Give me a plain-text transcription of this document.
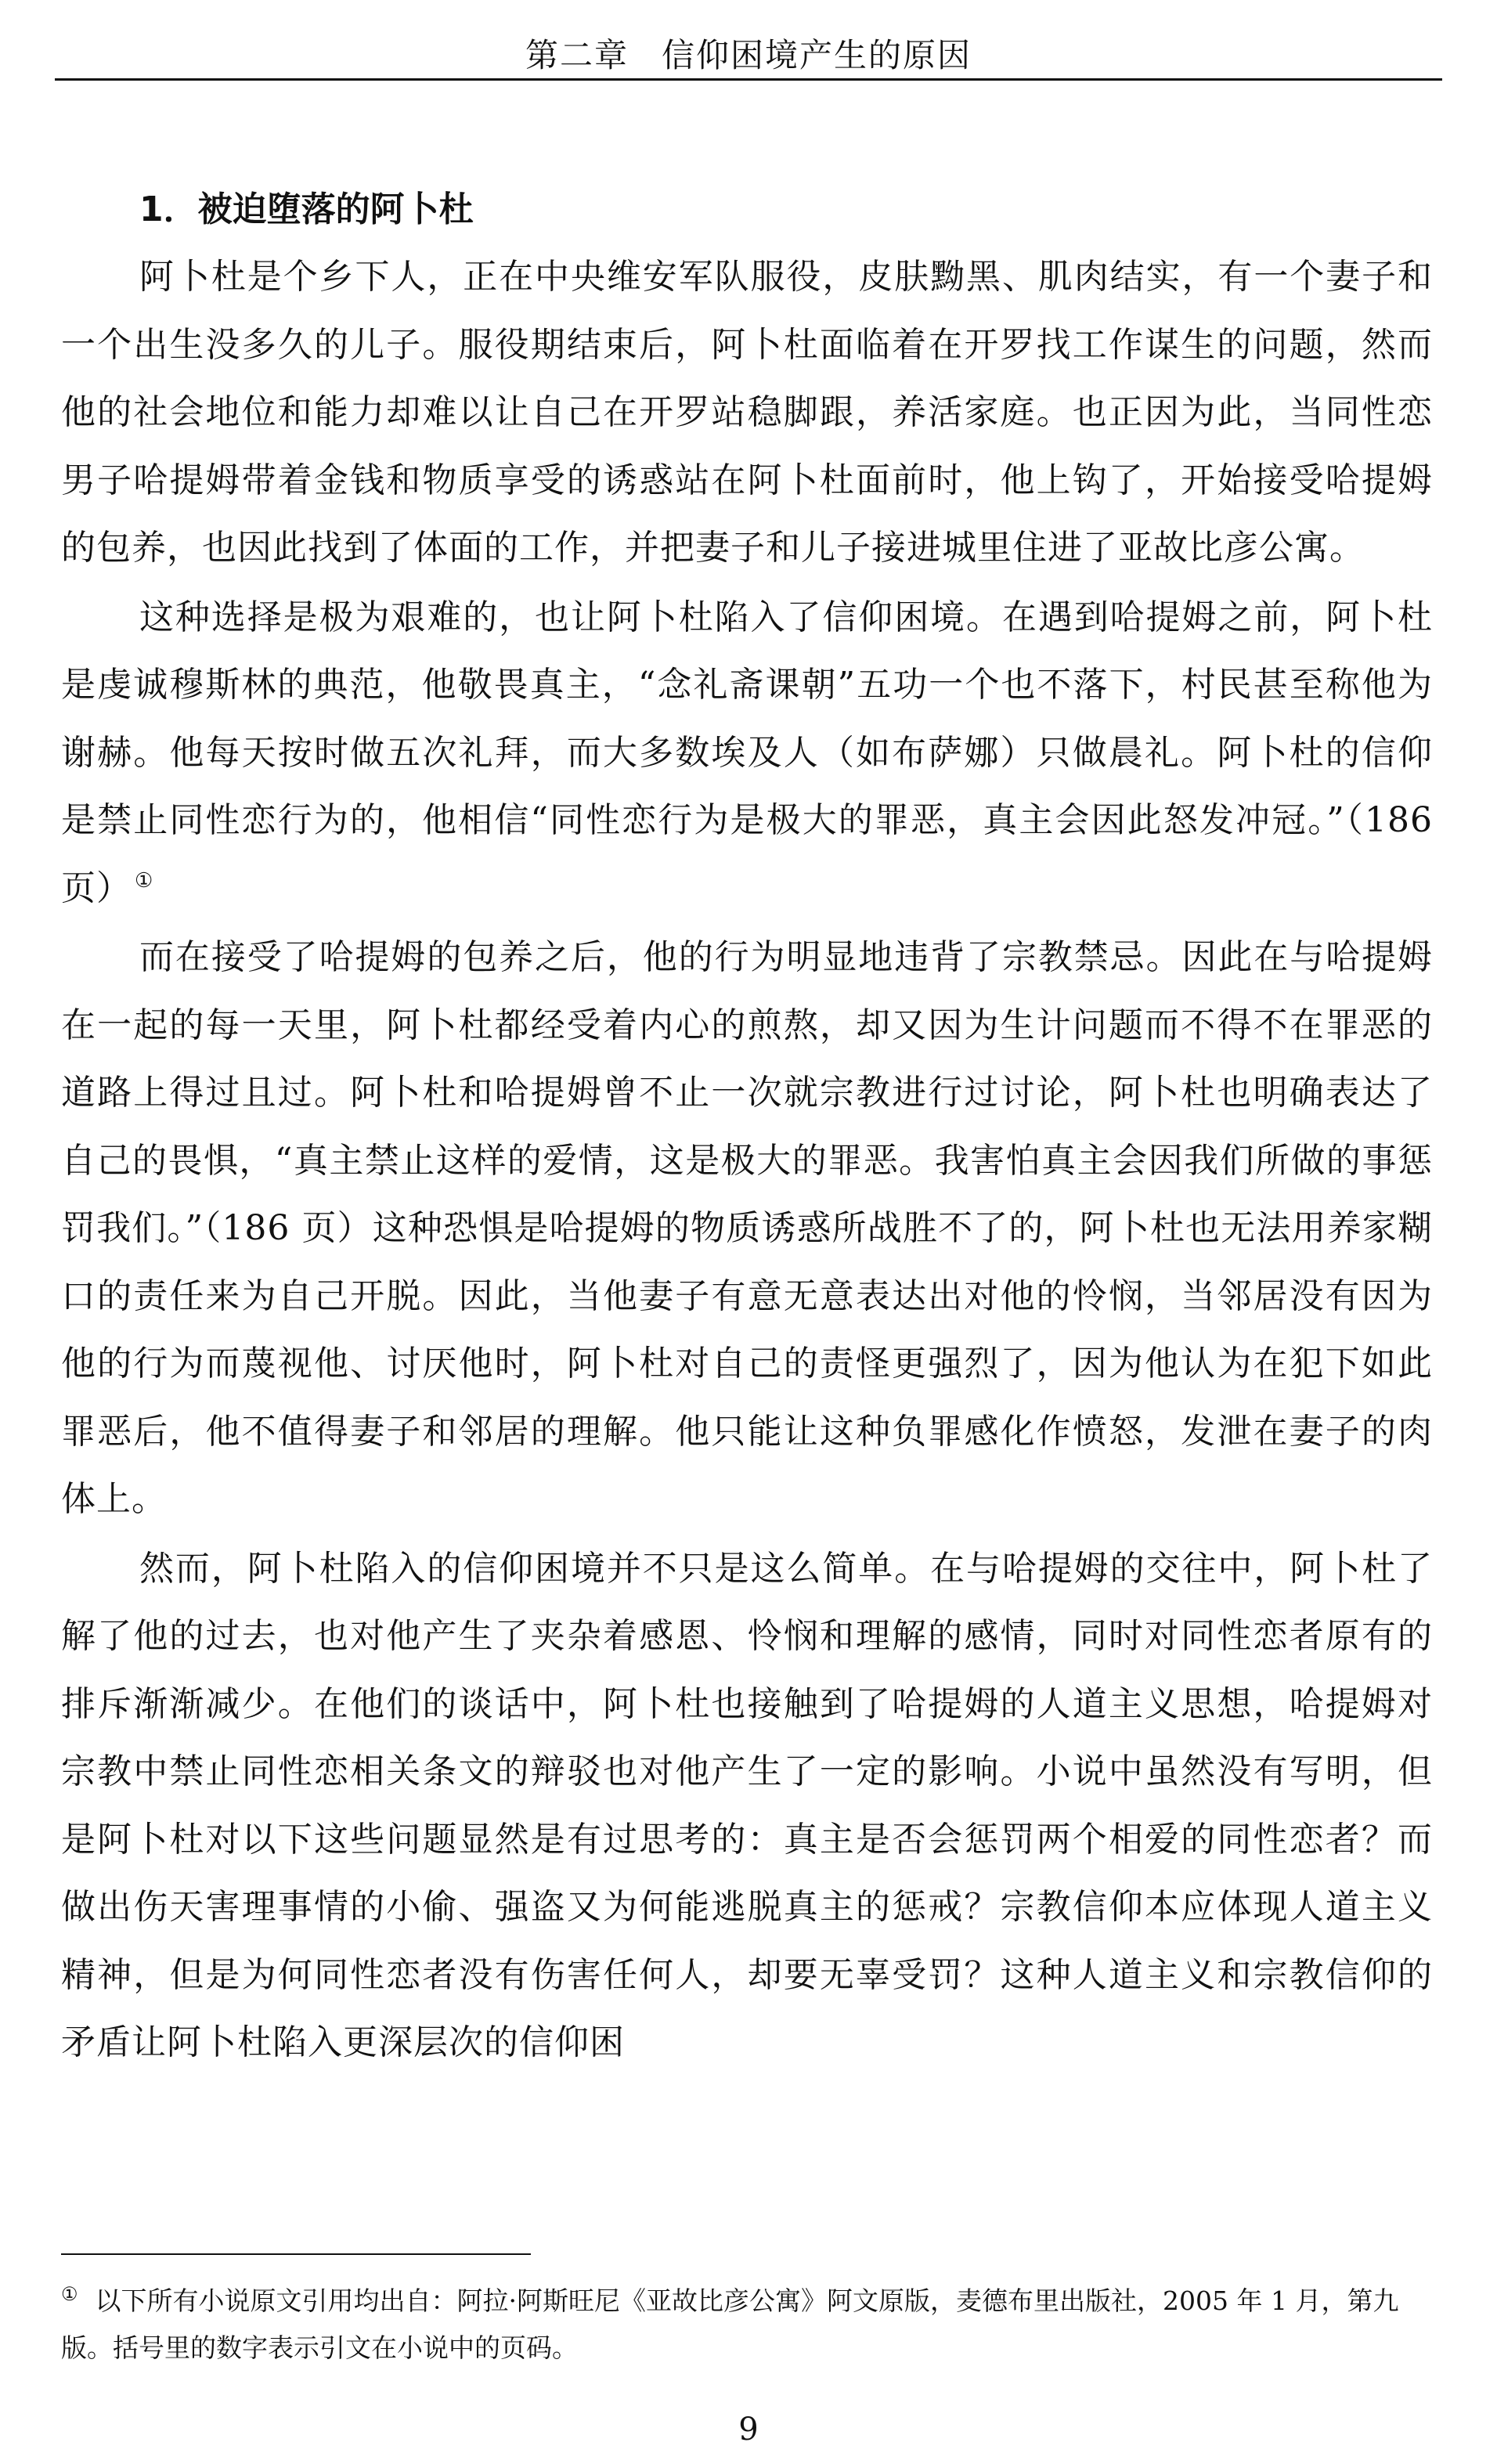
第二章 信仰困境产生的原因

1．被迫堕落的阿卜杜

阿卜杜是个乡下人，正在中央维安军队服役，皮肤黝黑、肌肉结实，有一个妻子和一个出生没多久的儿子。服役期结束后，阿卜杜面临着在开罗找工作谋生的问题，然而他的社会地位和能力却难以让自己在开罗站稳脚跟，养活家庭。也正因为此，当同性恋男子哈提姆带着金钱和物质享受的诱惑站在阿卜杜面前时，他上钩了，开始接受哈提姆的包养，也因此找到了体面的工作，并把妻子和儿子接进城里住进了亚故比彦公寓。

这种选择是极为艰难的，也让阿卜杜陷入了信仰困境。在遇到哈提姆之前，阿卜杜是虔诚穆斯林的典范，他敬畏真主，“念礼斋课朝”五功一个也不落下，村民甚至称他为谢赫。他每天按时做五次礼拜，而大多数埃及人（如布萨娜）只做晨礼。阿卜杜的信仰是禁止同性恋行为的，他相信“同性恋行为是极大的罪恶，真主会因此怒发冲冠。”（186 页） ①

而在接受了哈提姆的包养之后，他的行为明显地违背了宗教禁忌。因此在与哈提姆在一起的每一天里，阿卜杜都经受着内心的煎熬，却又因为生计问题而不得不在罪恶的道路上得过且过。阿卜杜和哈提姆曾不止一次就宗教进行过讨论，阿卜杜也明确表达了自己的畏惧，“真主禁止这样的爱情，这是极大的罪恶。我害怕真主会因我们所做的事惩罚我们。”（186 页）这种恐惧是哈提姆的物质诱惑所战胜不了的，阿卜杜也无法用养家糊口的责任来为自己开脱。因此，当他妻子有意无意表达出对他的怜悯，当邻居没有因为他的行为而蔑视他、讨厌他时，阿卜杜对自己的责怪更强烈了，因为他认为在犯下如此罪恶后，他不值得妻子和邻居的理解。他只能让这种负罪感化作愤怒，发泄在妻子的肉体上。

然而，阿卜杜陷入的信仰困境并不只是这么简单。在与哈提姆的交往中，阿卜杜了解了他的过去，也对他产生了夹杂着感恩、怜悯和理解的感情，同时对同性恋者原有的排斥渐渐减少。在他们的谈话中，阿卜杜也接触到了哈提姆的人道主义思想，哈提姆对宗教中禁止同性恋相关条文的辩驳也对他产生了一定的影响。小说中虽然没有写明，但是阿卜杜对以下这些问题显然是有过思考的：真主是否会惩罚两个相爱的同性恋者？而做出伤天害理事情的小偷、强盗又为何能逃脱真主的惩戒？宗教信仰本应体现人道主义精神，但是为何同性恋者没有伤害任何人，却要无辜受罚？这种人道主义和宗教信仰的矛盾让阿卜杜陷入更深层次的信仰困

① 以下所有小说原文引用均出自：阿拉·阿斯旺尼《亚故比彦公寓》阿文原版，麦德布里出版社，2005 年 1 月，第九版。括号里的数字表示引文在小说中的页码。

9
